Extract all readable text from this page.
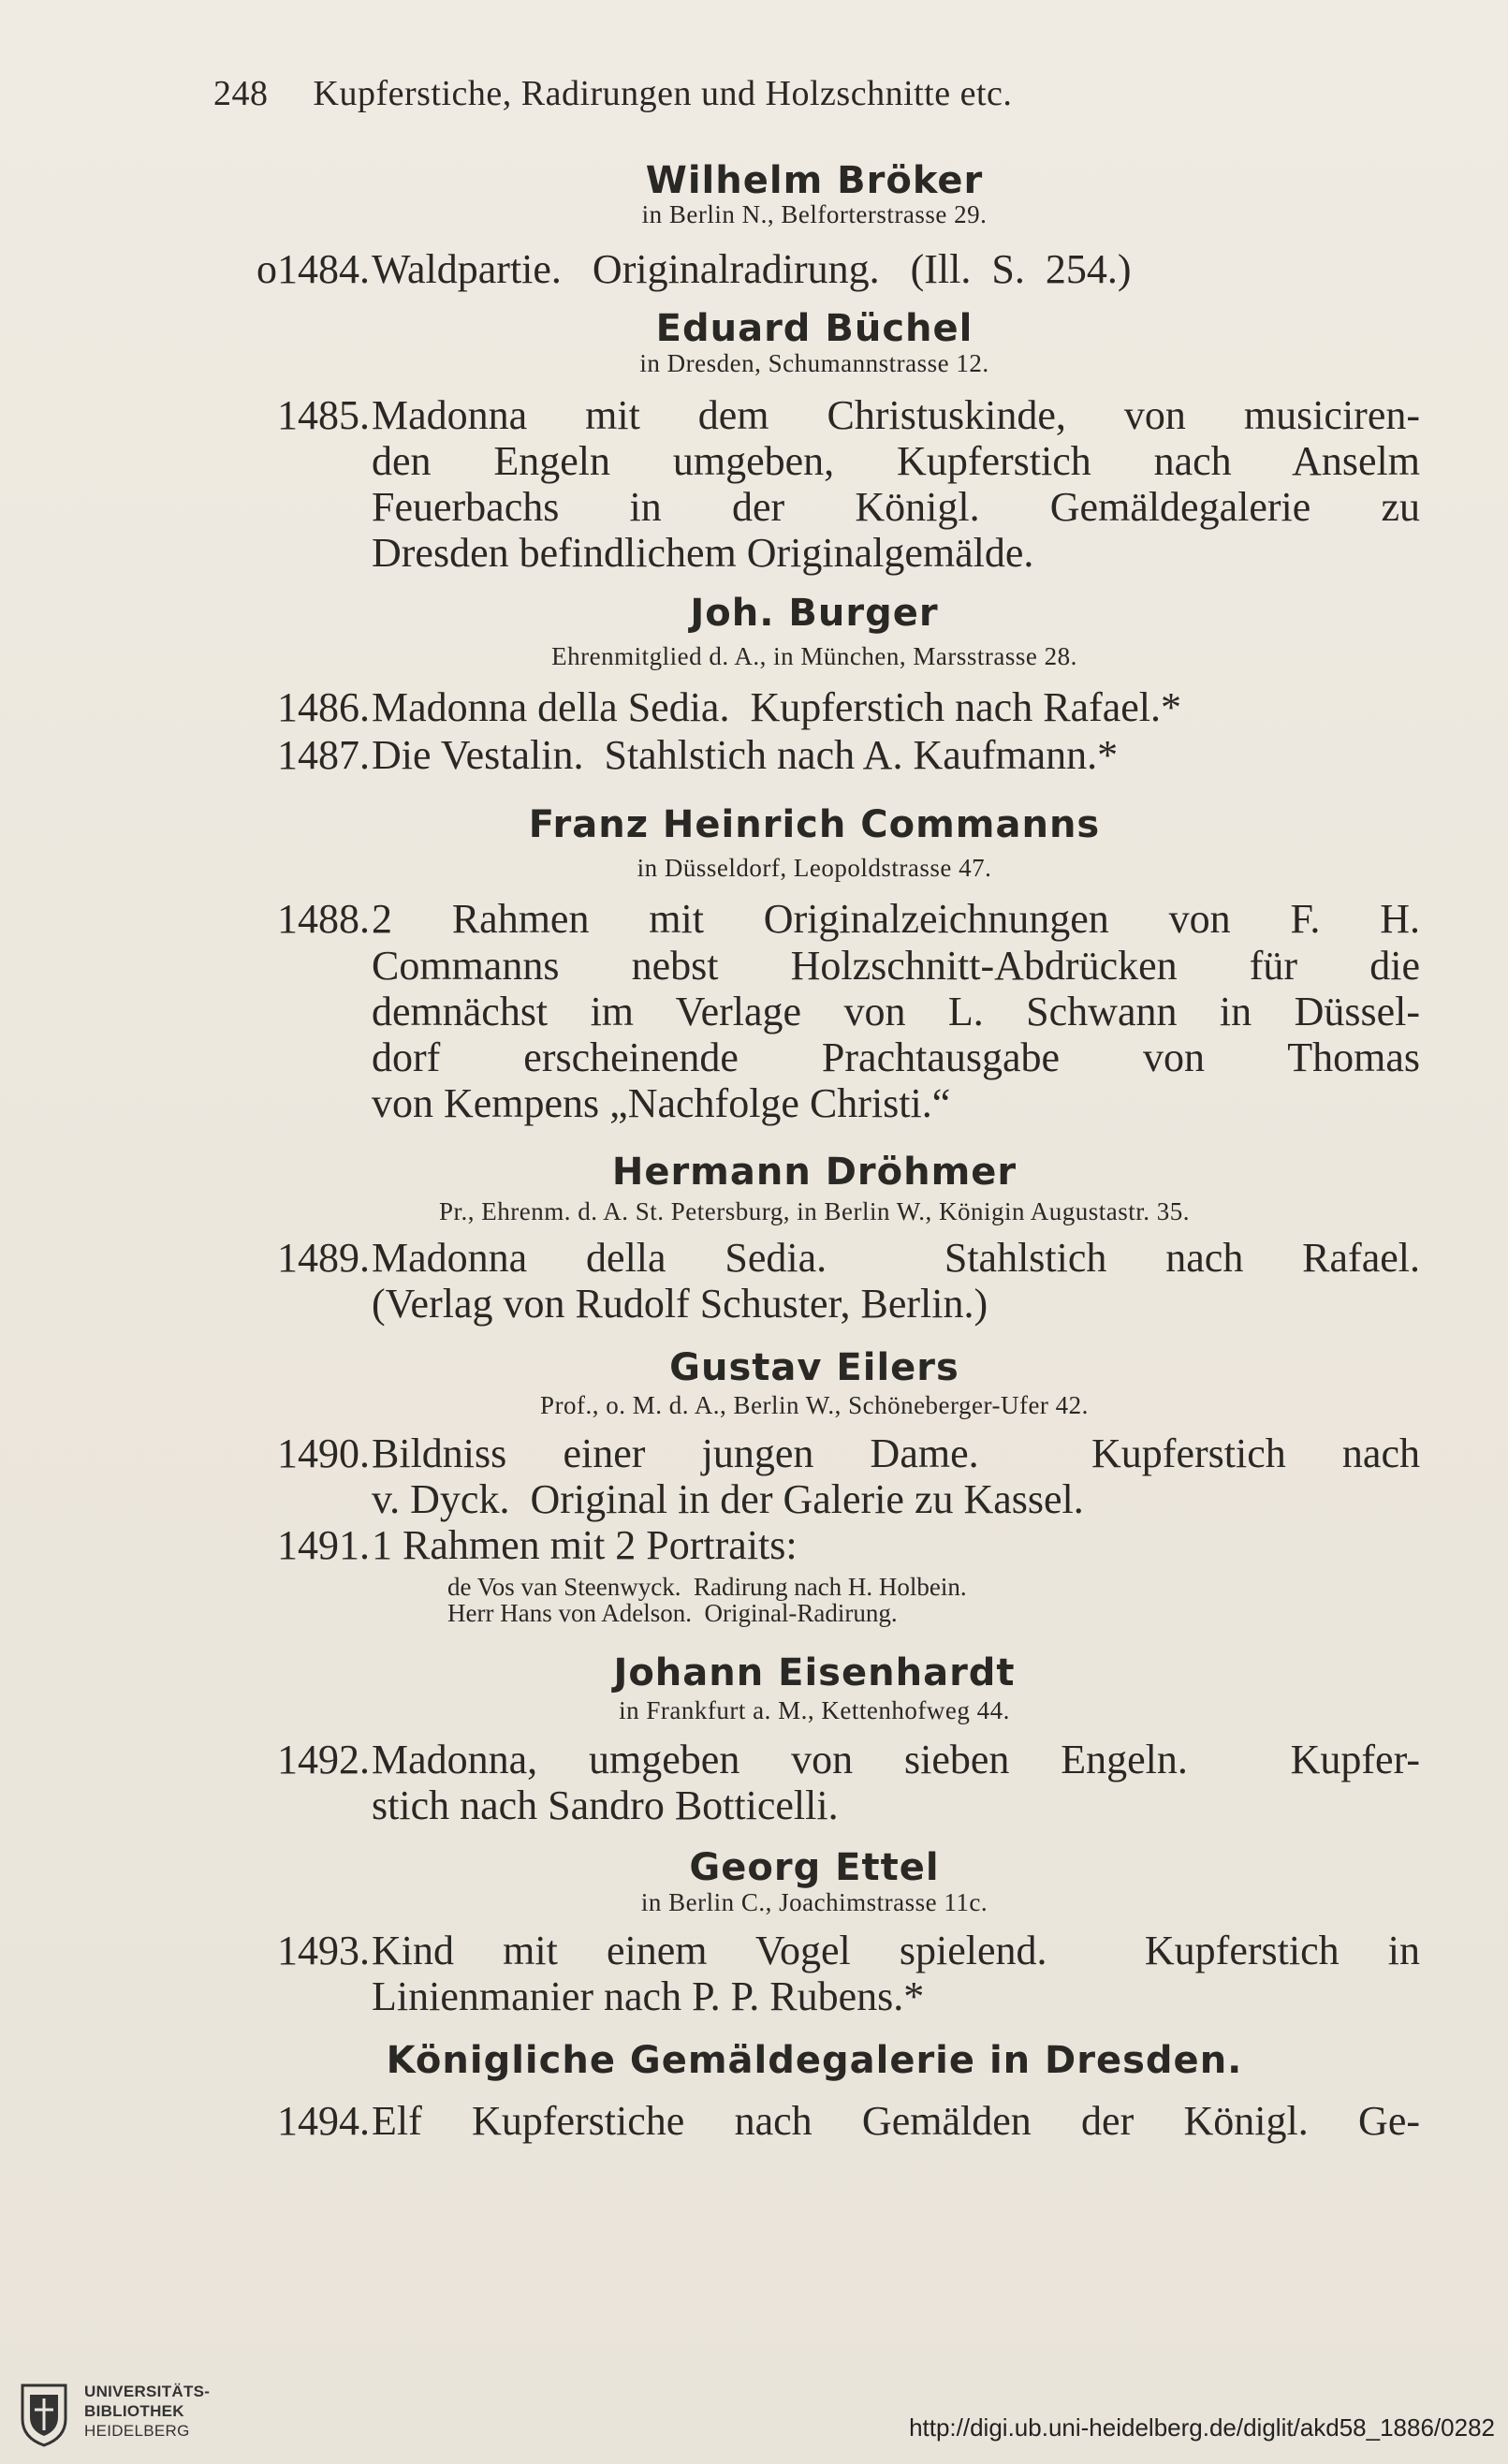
248 Kupferstiche, Radirungen und Holzschnitte etc.
Wilhelm Bröker
in Berlin N., Belforterstrasse 29.
o1484. Waldpartie.   Originalradirung.   (Ill.  S.  254.)
Eduard Büchel
in Dresden, Schumannstrasse 12.
1485. Madonna mit dem Christuskinde, von musiciren-
den Engeln umgeben, Kupferstich nach Anselm
Feuerbachs in der Königl. Gemäldegalerie zu
Dresden befindlichem Originalgemälde.
Joh. Burger
Ehrenmitglied d. A., in München, Marsstrasse 28.
1486. Madonna della Sedia.  Kupferstich nach Rafael.*
1487. Die Vestalin.  Stahlstich nach A. Kaufmann.*
Franz Heinrich Commanns
in Düsseldorf, Leopoldstrasse 47.
1488. 2 Rahmen mit Originalzeichnungen von F. H.
Commanns nebst Holzschnitt-Abdrücken für die
demnächst im Verlage von L. Schwann in Düssel-
dorf erscheinende Prachtausgabe von Thomas
von Kempens „Nachfolge Christi.“
Hermann Dröhmer
Pr., Ehrenm. d. A. St. Petersburg, in Berlin W., Königin Augustastr. 35.
1489. Madonna della Sedia.  Stahlstich nach Rafael.
(Verlag von Rudolf Schuster, Berlin.)
Gustav Eilers
Prof., o. M. d. A., Berlin W., Schöneberger-Ufer 42.
1490. Bildniss einer jungen Dame.  Kupferstich nach
v. Dyck.  Original in der Galerie zu Kassel.
1491. 1 Rahmen mit 2 Portraits:
de Vos van Steenwyck.  Radirung nach H. Holbein.
Herr Hans von Adelson.  Original-Radirung.
Johann Eisenhardt
in Frankfurt a. M., Kettenhofweg 44.
1492. Madonna, umgeben von sieben Engeln.  Kupfer-
stich nach Sandro Botticelli.
Georg Ettel
in Berlin C., Joachimstrasse 11c.
1493. Kind mit einem Vogel spielend.  Kupferstich in
Linienmanier nach P. P. Rubens.*
Königliche Gemäldegalerie in Dresden.
1494. Elf Kupferstiche nach Gemälden der Königl. Ge-
UNIVERSITÄTS-
BIBLIOTHEK
HEIDELBERG	http://digi.ub.uni-heidelberg.de/diglit/akd58_1886/0282
